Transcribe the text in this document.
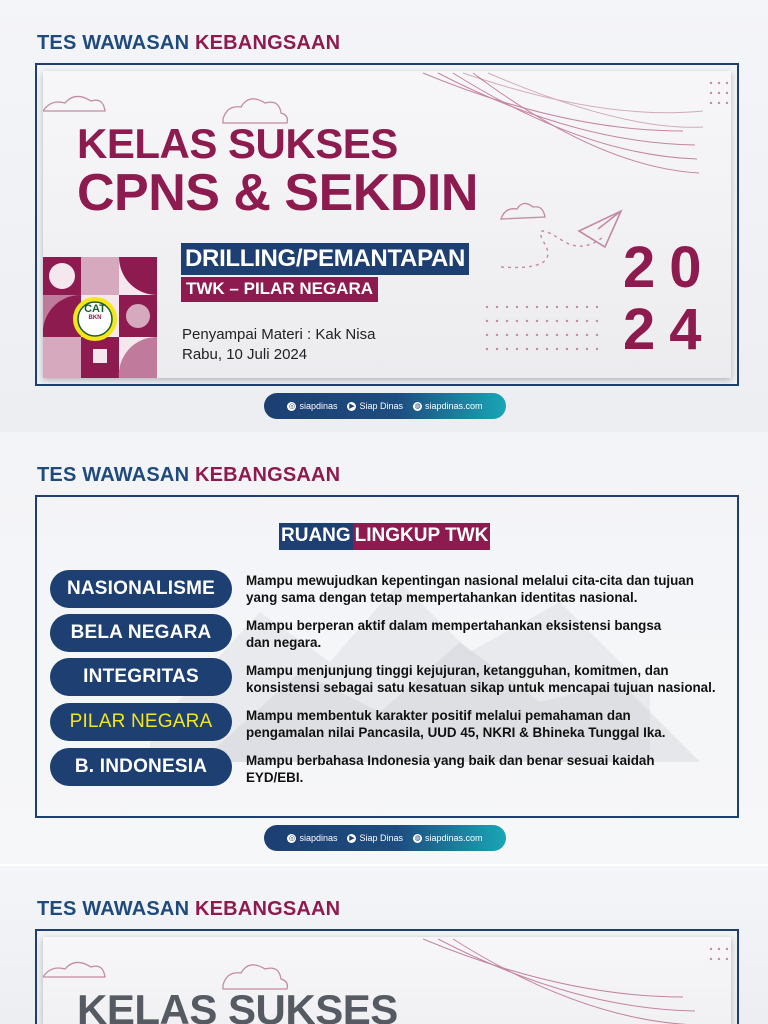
TES WAWASAN KEBANGSAAN
KELAS SUKSES
CPNS & SEKDIN
CAT
BKN
DRILLING/PEMANTAPAN
TWK – PILAR NEGARA
Penyampai Materi : Kak Nisa
Rabu, 10 Juli 2024
20
24
◎ siapdinas ▶ Siap Dinas ◍ siapdinas.com
TES WAWASAN KEBANGSAAN
◎ siapdinas ▶ Siap Dinas ◍ siapdinas.com
RUANG LINGKUP TWK
NASIONALISME	Mampu mewujudkan kepentingan nasional melalui cita-cita dan tujuan
yang sama dengan tetap mempertahankan identitas nasional.
BELA NEGARA	Mampu berperan aktif dalam mempertahankan eksistensi bangsa
dan negara.
INTEGRITAS	Mampu menjunjung tinggi kejujuran, ketangguhan, komitmen, dan
konsistensi sebagai satu kesatuan sikap untuk mencapai tujuan nasional.
PILAR NEGARA	Mampu membentuk karakter positif melalui pemahaman dan
pengamalan nilai Pancasila, UUD 45, NKRI & Bhineka Tunggal Ika.
B. INDONESIA	Mampu berbahasa Indonesia yang baik dan benar sesuai kaidah
EYD/EBI.
TES WAWASAN KEBANGSAAN
KELAS SUKSES
